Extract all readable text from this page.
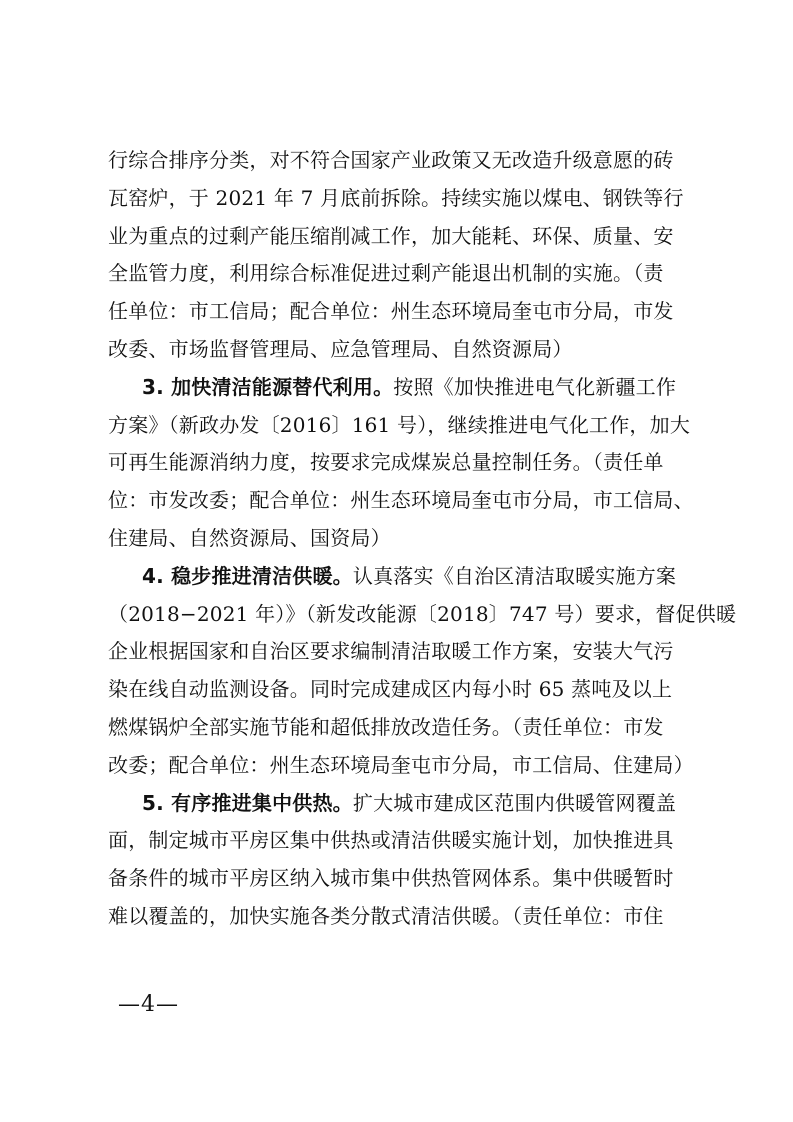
行综合排序分类，对不符合国家产业政策又无改造升级意愿的砖
瓦窑炉，于 2021 年 7 月底前拆除。持续实施以煤电、钢铁等行
业为重点的过剩产能压缩削减工作，加大能耗、环保、质量、安
全监管力度，利用综合标准促进过剩产能退出机制的实施。（责
任单位：市工信局；配合单位：州生态环境局奎屯市分局，市发
改委、市场监督管理局、应急管理局、自然资源局）
3. 加快清洁能源替代利用。按照《加快推进电气化新疆工作
方案》（新政办发〔2016〕161 号），继续推进电气化工作，加大
可再生能源消纳力度，按要求完成煤炭总量控制任务。（责任单
位：市发改委；配合单位：州生态环境局奎屯市分局，市工信局、
住建局、自然资源局、国资局）
4. 稳步推进清洁供暖。认真落实《自治区清洁取暖实施方案
（2018−2021 年）》（新发改能源〔2018〕747 号）要求，督促供暖
企业根据国家和自治区要求编制清洁取暖工作方案，安装大气污
染在线自动监测设备。同时完成建成区内每小时 65 蒸吨及以上
燃煤锅炉全部实施节能和超低排放改造任务。（责任单位：市发
改委；配合单位：州生态环境局奎屯市分局，市工信局、住建局）
5. 有序推进集中供热。扩大城市建成区范围内供暖管网覆盖
面，制定城市平房区集中供热或清洁供暖实施计划，加快推进具
备条件的城市平房区纳入城市集中供热管网体系。集中供暖暂时
难以覆盖的，加快实施各类分散式清洁供暖。（责任单位：市住
—4—
